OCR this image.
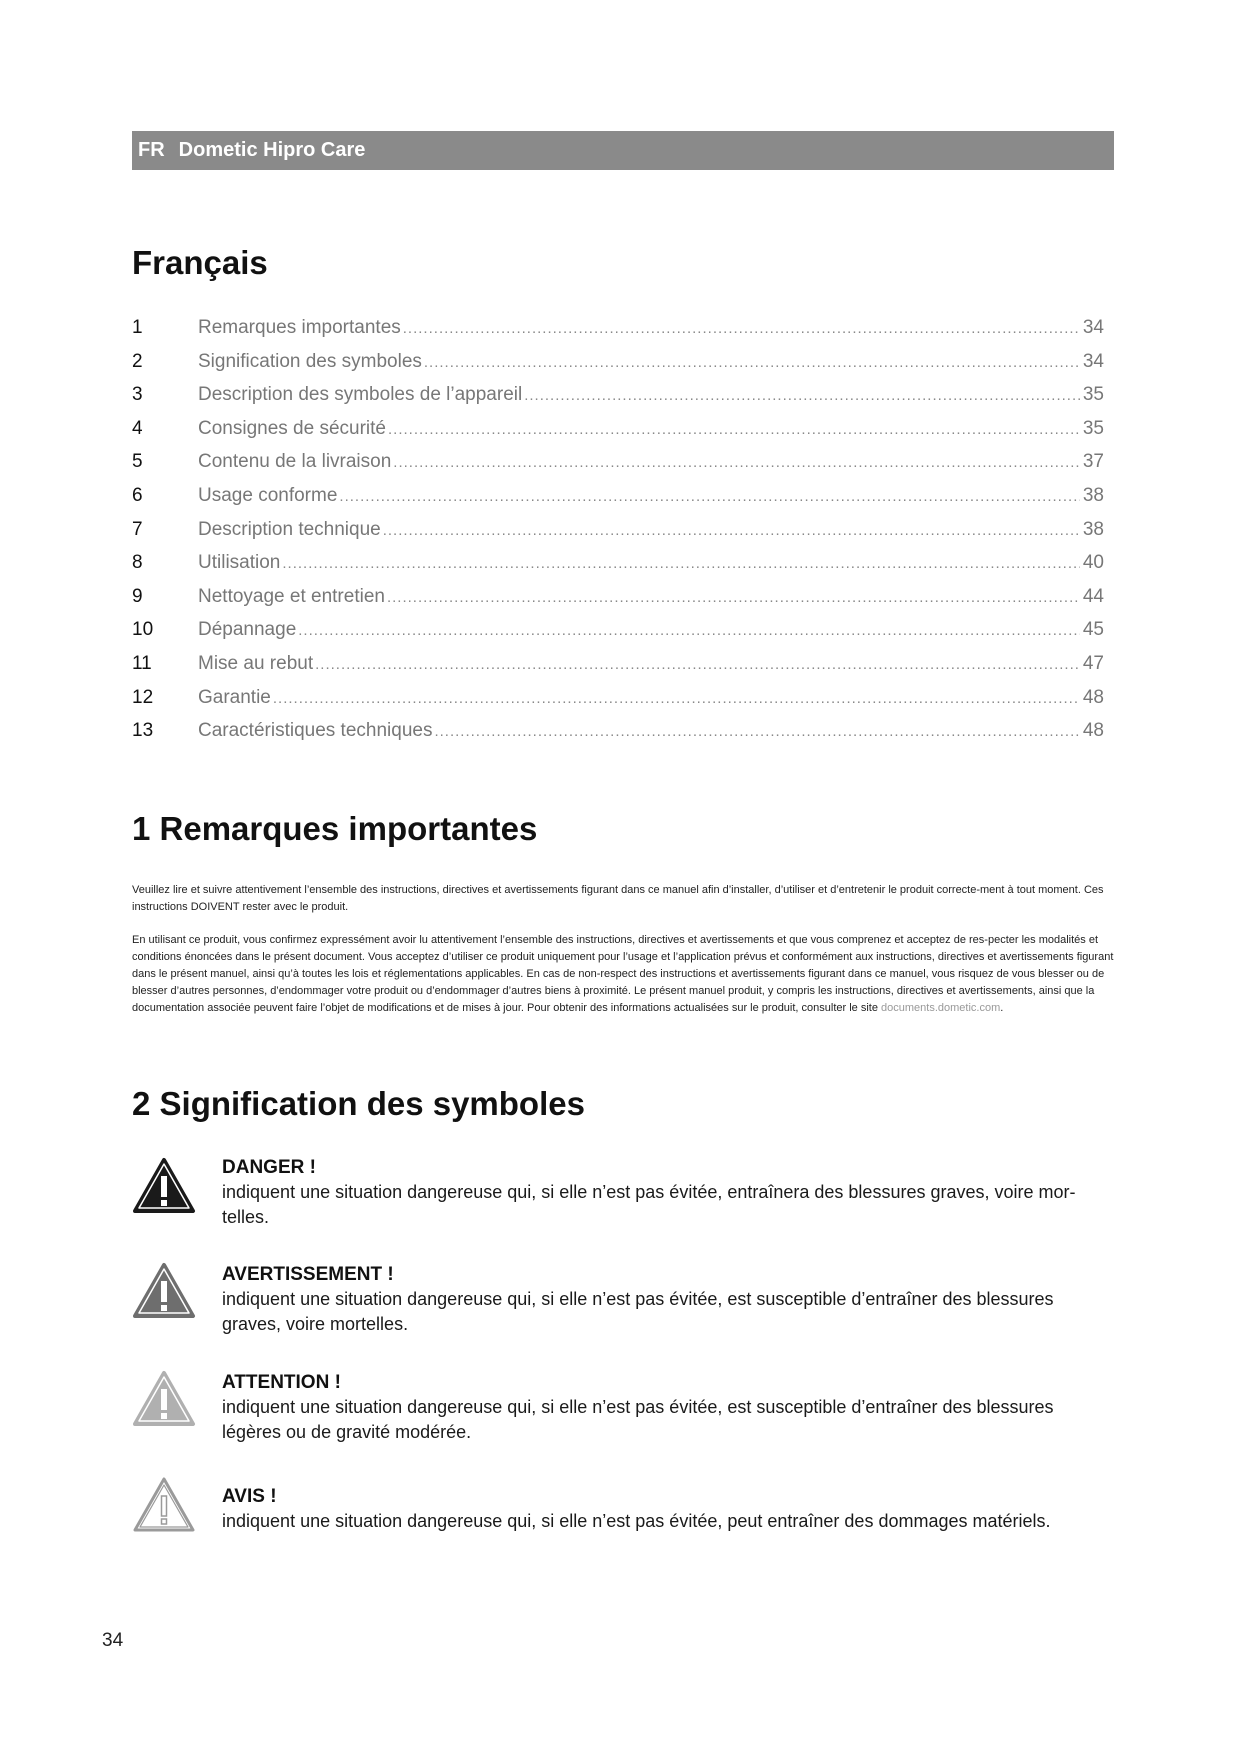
FR Dometic Hipro Care
Français
1	Remarques importantes .....	34
2	Signification des symboles .....	34
3	Description des symboles de l’appareil .....	35
4	Consignes de sécurité .....	35
5	Contenu de la livraison .....	37
6	Usage conforme .....	38
7	Description technique .....	38
8	Utilisation .....	40
9	Nettoyage et entretien .....	44
10	Dépannage .....	45
11	Mise au rebut .....	47
12	Garantie .....	48
13	Caractéristiques techniques .....	48
1 Remarques importantes

Veuillez lire et suivre attentivement l’ensemble des instructions, directives et avertissements figurant dans ce manuel afin d’installer, d’utiliser et d’entretenir le produit correcte-ment à tout moment. Ces instructions DOIVENT rester avec le produit.

En utilisant ce produit, vous confirmez expressément avoir lu attentivement l’ensemble des instructions, directives et avertissements et que vous comprenez et acceptez de res-pecter les modalités et conditions énoncées dans le présent document. Vous acceptez d’utiliser ce produit uniquement pour l’usage et l’application prévus et conformément aux instructions, directives et avertissements figurant dans le présent manuel, ainsi qu’à toutes les lois et réglementations applicables. En cas de non-respect des instructions et avertissements figurant dans ce manuel, vous risquez de vous blesser ou de blesser d’autres personnes, d’endommager votre produit ou d’endommager d’autres biens à proximité. Le présent manuel produit, y compris les instructions, directives et avertissements, ainsi que la documentation associée peuvent faire l’objet de modifications et de mises à jour. Pour obtenir des informations actualisées sur le produit, consulter le site documents.dometic.com.

2 Signification des symboles
DANGER !
indiquent une situation dangereuse qui, si elle n’est pas évitée, entraînera des blessures graves, voire mor-telles.
AVERTISSEMENT !
indiquent une situation dangereuse qui, si elle n’est pas évitée, est susceptible d’entraîner des blessures graves, voire mortelles.
ATTENTION !
indiquent une situation dangereuse qui, si elle n’est pas évitée, est susceptible d’entraîner des blessures légères ou de gravité modérée.
AVIS !
indiquent une situation dangereuse qui, si elle n’est pas évitée, peut entraîner des dommages matériels.
34
